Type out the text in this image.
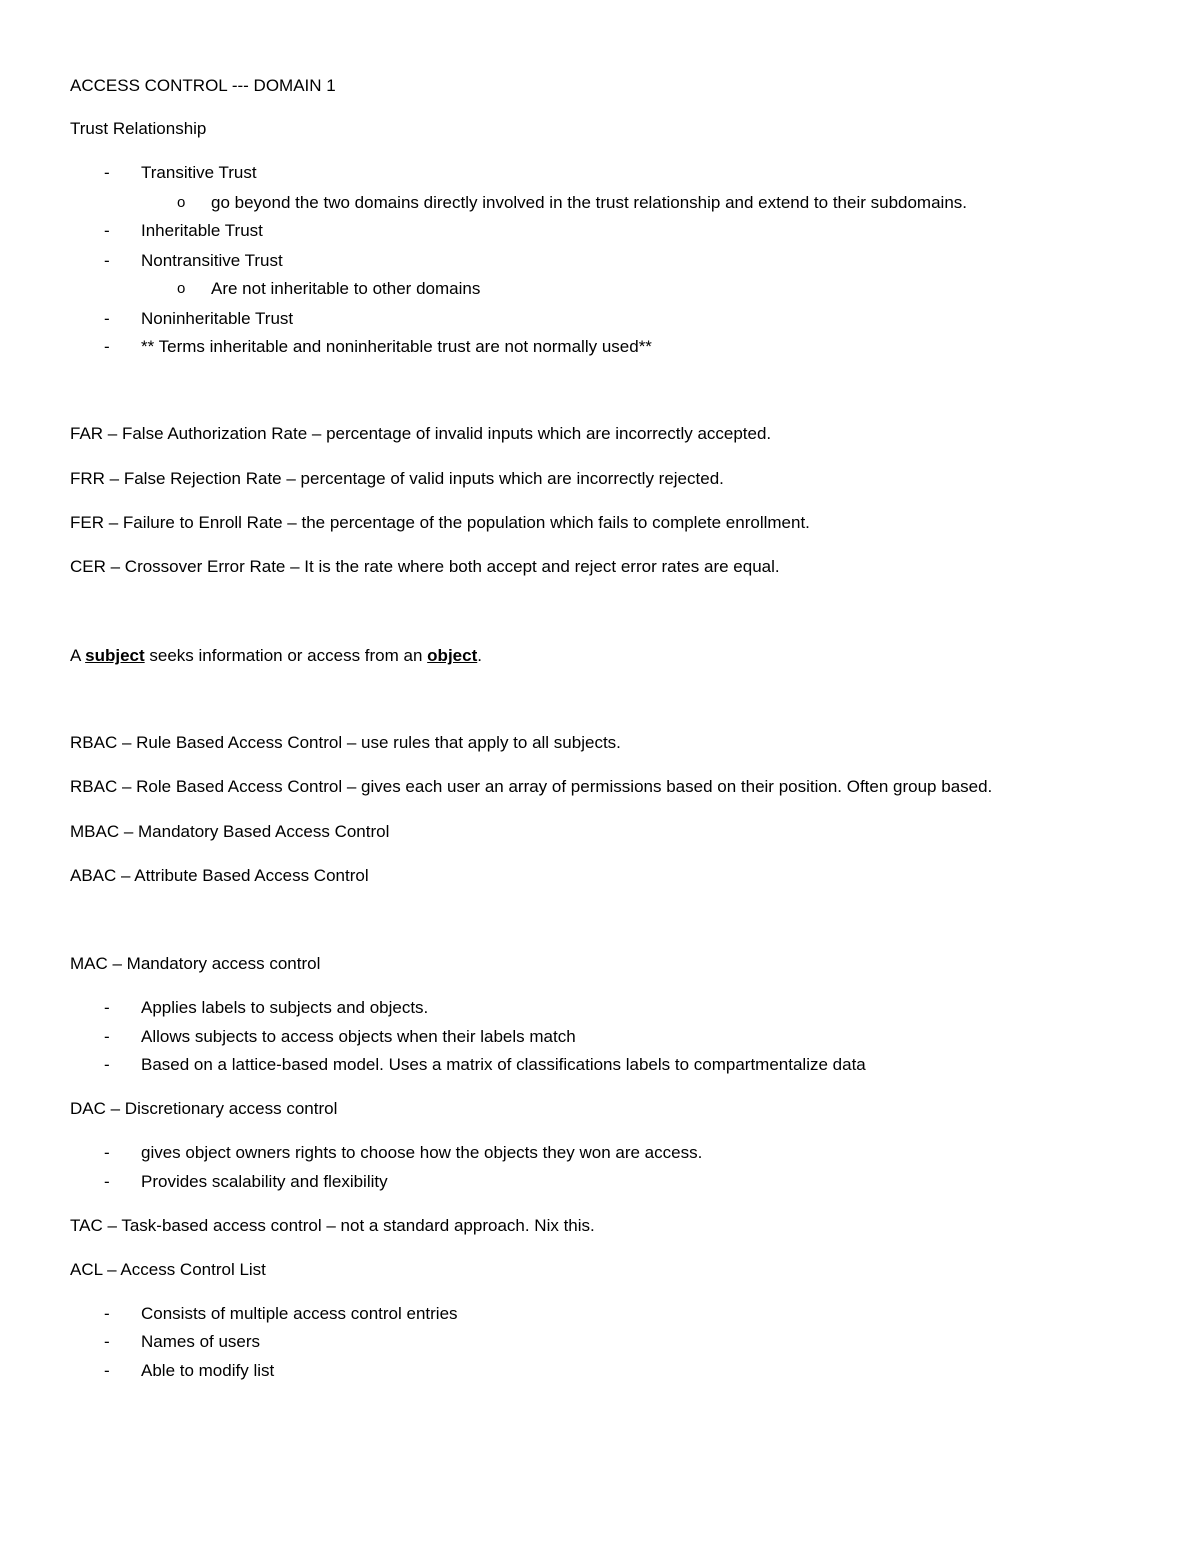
ACCESS CONTROL --- DOMAIN 1
Trust Relationship
- Transitive Trust
o go beyond the two domains directly involved in the trust relationship and extend to their subdomains.
- Inheritable Trust
- Nontransitive Trust
o Are not inheritable to other domains
- Noninheritable Trust
- ** Terms inheritable and noninheritable trust are not normally used**
FAR – False Authorization Rate – percentage of invalid inputs which are incorrectly accepted.
FRR – False Rejection Rate – percentage of valid inputs which are incorrectly rejected.
FER – Failure to Enroll Rate – the percentage of the population which fails to complete enrollment.
CER – Crossover Error Rate – It is the rate where both accept and reject error rates are equal.
A subject seeks information or access from an object.
RBAC – Rule Based Access Control – use rules that apply to all subjects.
RBAC – Role Based Access Control – gives each user an array of permissions based on their position. Often group based.
MBAC – Mandatory Based Access Control
ABAC – Attribute Based Access Control
MAC – Mandatory access control
- Applies labels to subjects and objects.
- Allows subjects to access objects when their labels match
- Based on a lattice-based model. Uses a matrix of classifications labels to compartmentalize data
DAC – Discretionary access control
- gives object owners rights to choose how the objects they won are access.
- Provides scalability and flexibility
TAC – Task-based access control – not a standard approach. Nix this.
ACL – Access Control List
- Consists of multiple access control entries
- Names of users
- Able to modify list
